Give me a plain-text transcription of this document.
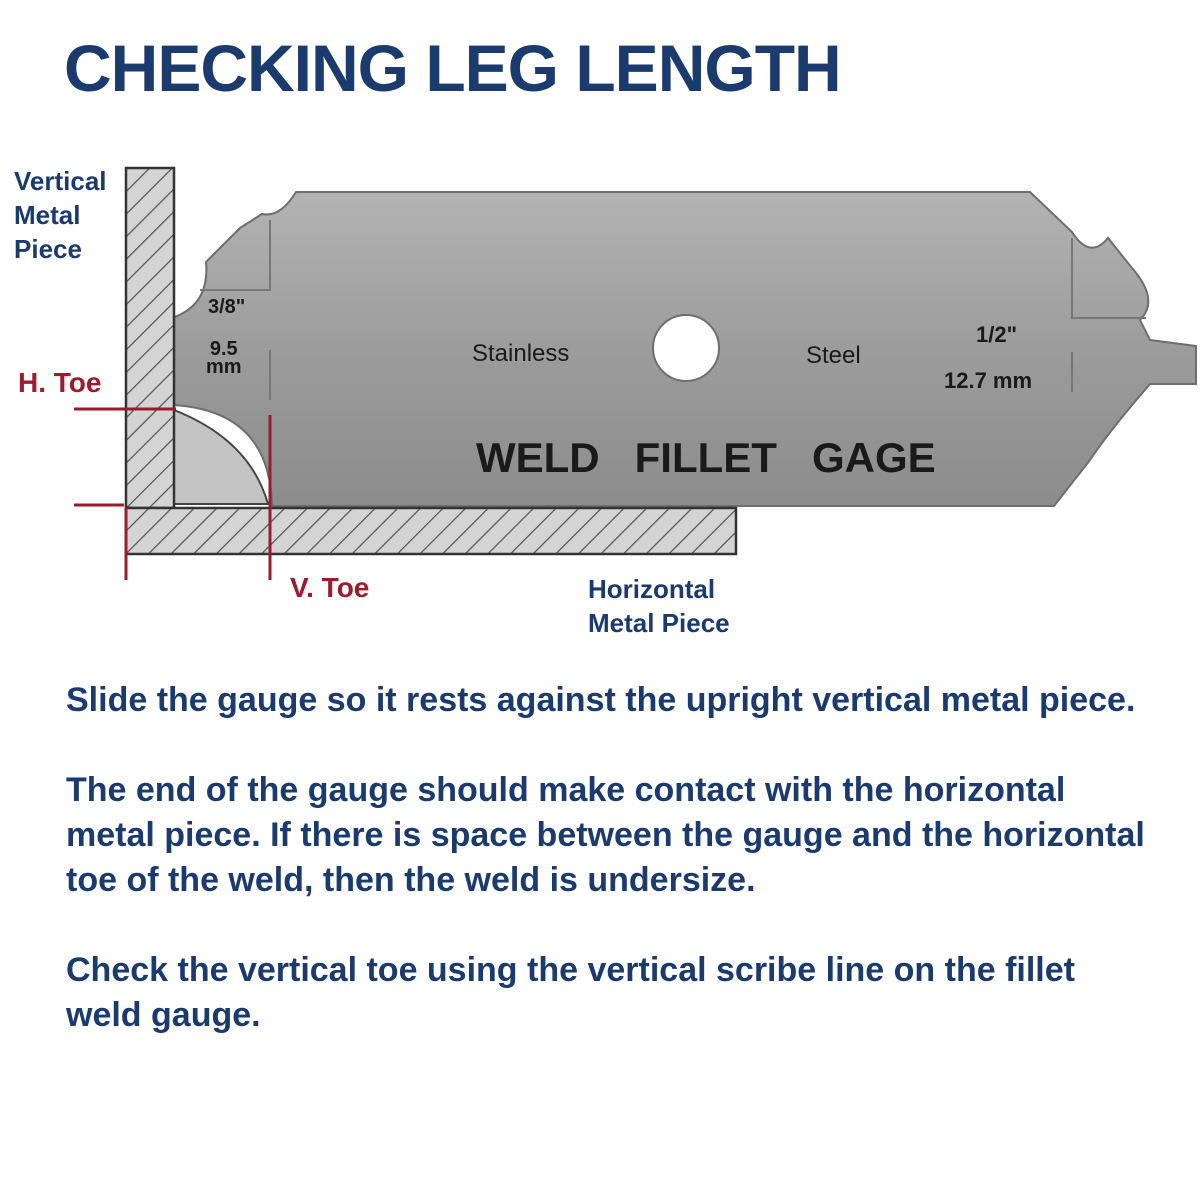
CHECKING LEG LENGTH
Vertical
Metal
Piece
Horizontal
Metal Piece
H. Toe
V. Toe
3/8"
9.5
mm	Stainless	Steel
1/2"
12.7 mm
WELD   FILLET   GAGE
Slide the gauge so it rests against the upright vertical metal piece.
The end of the gauge should make contact with the horizontal metal piece. If there is space between the gauge and the horizontal toe of the weld, then the weld is undersize.
Check the vertical toe using the vertical scribe line on the fillet weld gauge.
